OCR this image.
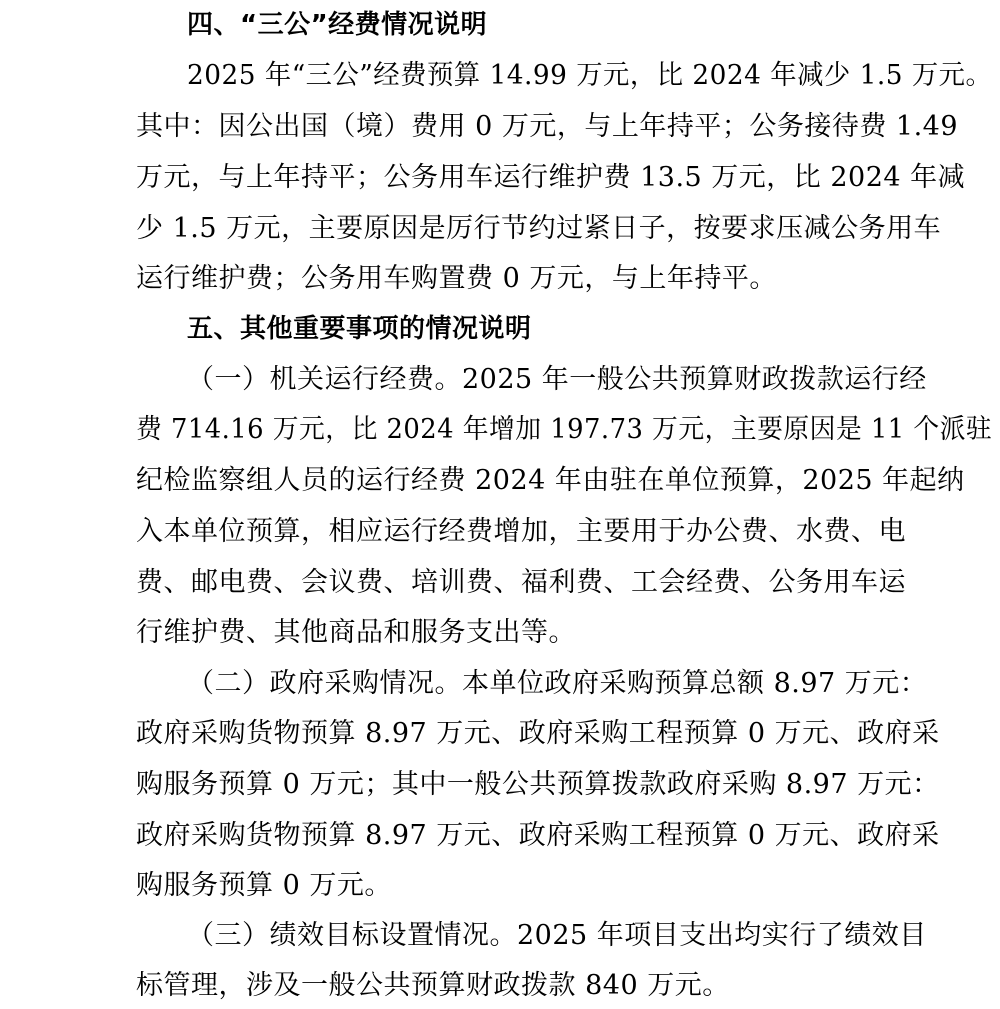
四、“三公”经费情况说明
2025 年“三公”经费预算 14.99 万元，比 2024 年减少 1.5 万元。
其中：因公出国（境）费用 0 万元，与上年持平；公务接待费 1.49
万元，与上年持平；公务用车运行维护费 13.5 万元，比 2024 年减
少 1.5 万元，主要原因是厉行节约过紧日子，按要求压减公务用车
运行维护费；公务用车购置费 0 万元，与上年持平。
五、其他重要事项的情况说明
（一）机关运行经费。2025 年一般公共预算财政拨款运行经
费 714.16 万元，比 2024 年增加 197.73 万元，主要原因是 11 个派驻
纪检监察组人员的运行经费 2024 年由驻在单位预算，2025 年起纳
入本单位预算，相应运行经费增加，主要用于办公费、水费、电
费、邮电费、会议费、培训费、福利费、工会经费、公务用车运
行维护费、其他商品和服务支出等。
（二）政府采购情况。本单位政府采购预算总额 8.97 万元：
政府采购货物预算 8.97 万元、政府采购工程预算 0 万元、政府采
购服务预算 0 万元；其中一般公共预算拨款政府采购 8.97 万元：
政府采购货物预算 8.97 万元、政府采购工程预算 0 万元、政府采
购服务预算 0 万元。
（三）绩效目标设置情况。2025 年项目支出均实行了绩效目
标管理，涉及一般公共预算财政拨款 840 万元。
